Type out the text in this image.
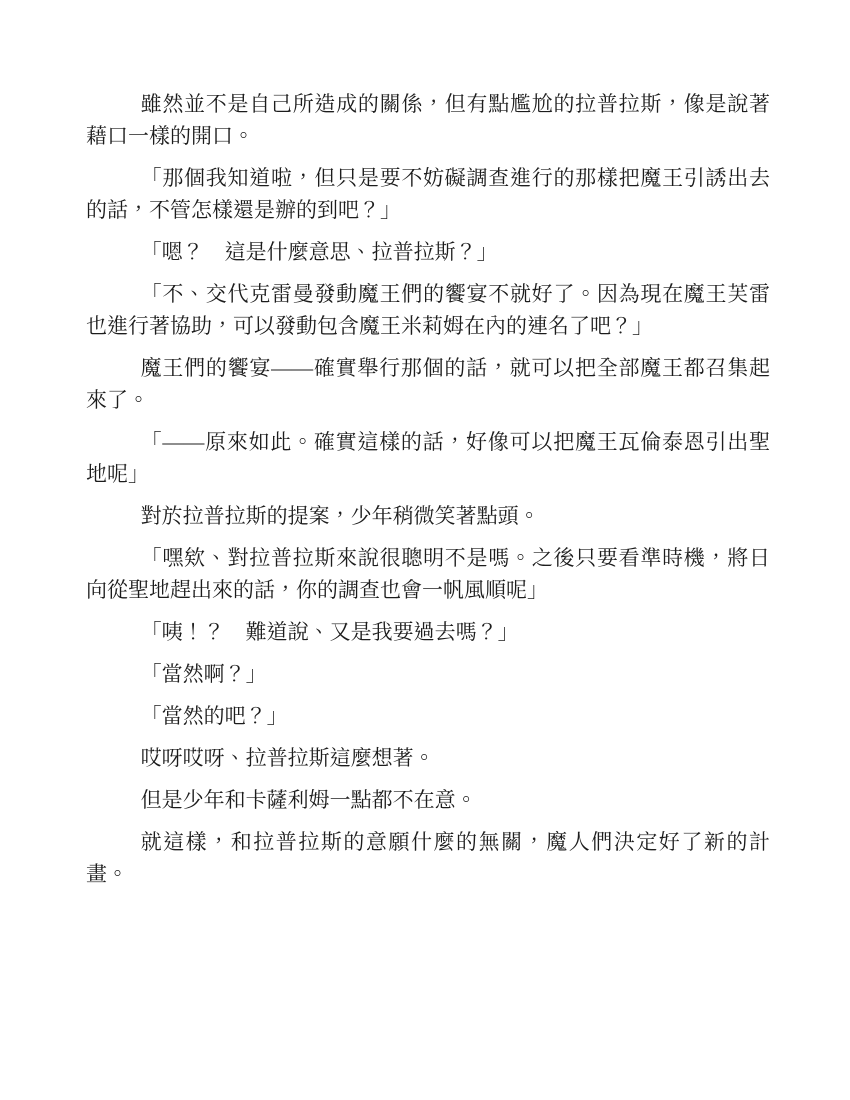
雖然並不是自己所造成的關係，但有點尷尬的拉普拉斯，像是說著藉口一樣的開口。

「那個我知道啦，但只是要不妨礙調查進行的那樣把魔王引誘出去的話，不管怎樣還是辦的到吧？」

「嗯？　這是什麼意思、拉普拉斯？」

「不、交代克雷曼發動魔王們的饗宴不就好了。因為現在魔王芙雷也進行著協助，可以發動包含魔王米莉姆在內的連名了吧？」

魔王們的饗宴——確實舉行那個的話，就可以把全部魔王都召集起來了。

「——原來如此。確實這樣的話，好像可以把魔王瓦倫泰恩引出聖地呢」

對於拉普拉斯的提案，少年稍微笑著點頭。

「嘿欸、對拉普拉斯來說很聰明不是嗎。之後只要看準時機，將日向從聖地趕出來的話，你的調查也會一帆風順呢」

「咦！？　難道說、又是我要過去嗎？」

「當然啊？」

「當然的吧？」

哎呀哎呀、拉普拉斯這麼想著。

但是少年和卡薩利姆一點都不在意。

就這樣，和拉普拉斯的意願什麼的無關，魔人們決定好了新的計畫。
